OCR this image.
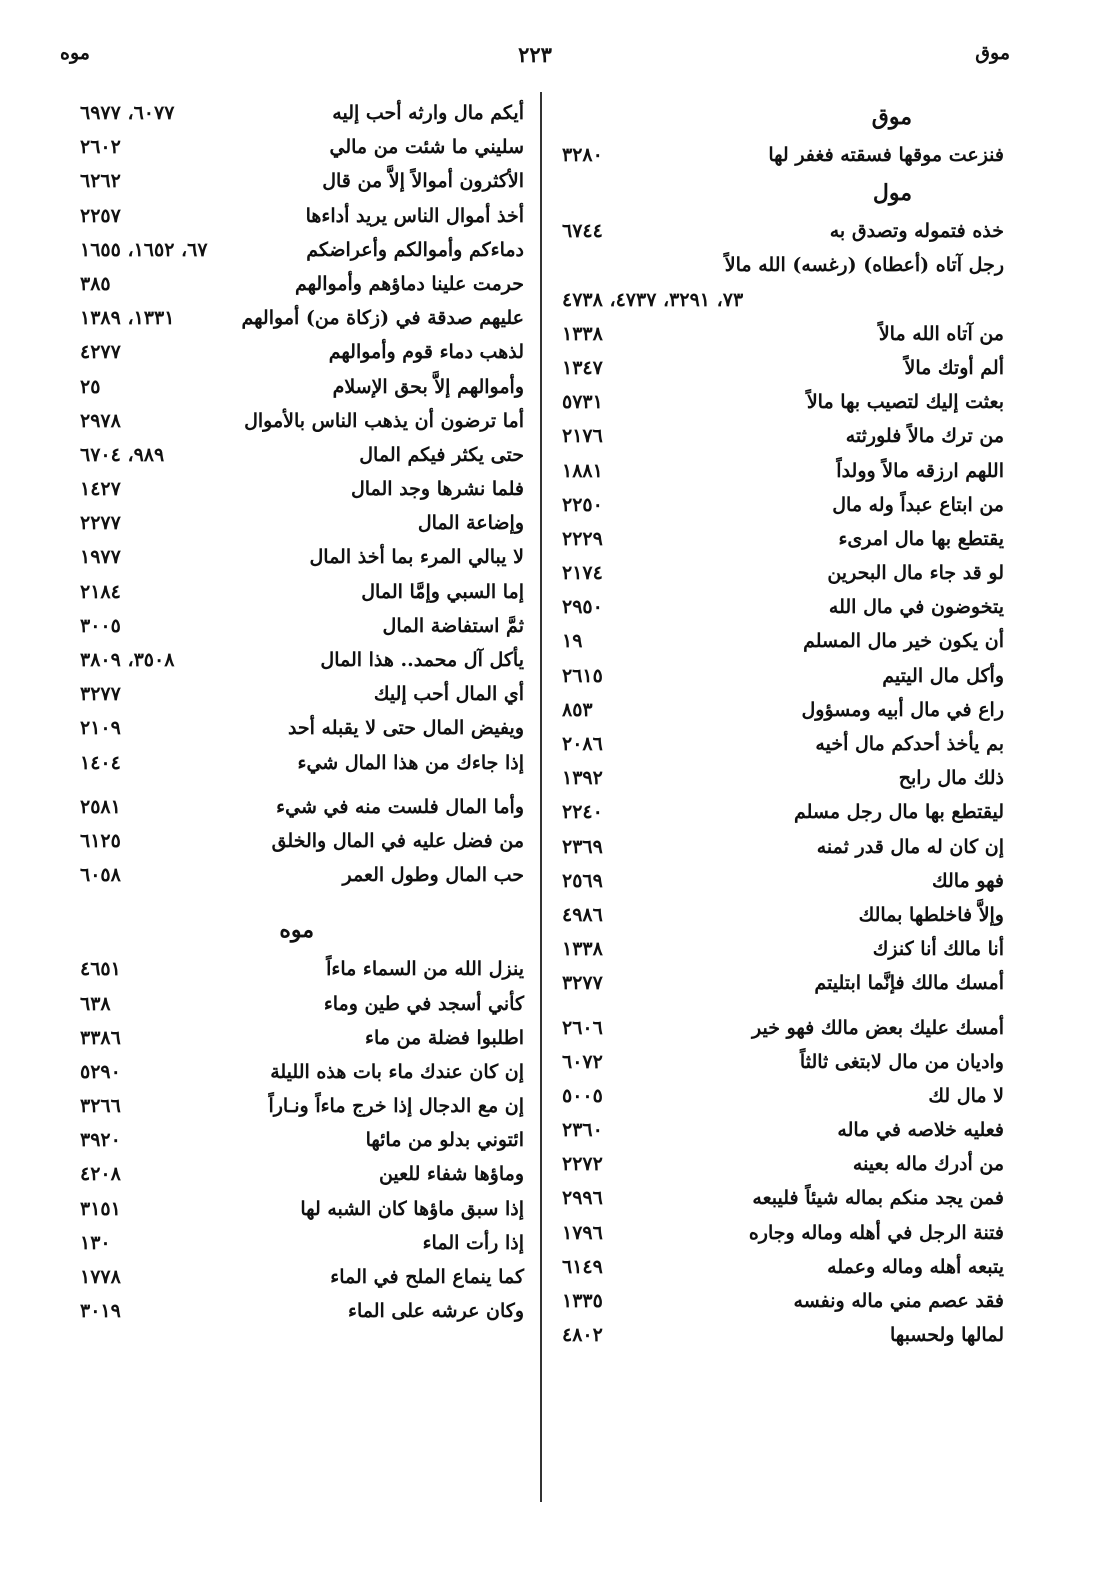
موق
٢٢٣
موه
موق
فنزعت موقها فسقته فغفر لها
٣٢٨٠
مول
خذه فتموله وتصدق به
٦٧٤٤
رجل آتاه (أعطاه) (رغسه) الله مالاً
٧٣، ٣٢٩١، ٤٧٣٧، ٤٧٣٨
من آتاه الله مالاً
١٣٣٨
ألم أوتك مالاً
١٣٤٧
بعثت إليك لتصيب بها مالاً
٥٧٣١
من ترك مالاً فلورثته
٢١٧٦
اللهم ارزقه مالاً وولداً
١٨٨١
من ابتاع عبداً وله مال
٢٢٥٠
يقتطع بها مال امرىء
٢٢٢٩
لو قد جاء مال البحرين
٢١٧٤
يتخوضون في مال الله
٢٩٥٠
أن يكون خير مال المسلم
١٩
وأكل مال اليتيم
٢٦١٥
راع في مال أبيه ومسؤول
٨٥٣
بم يأخذ أحدكم مال أخيه
٢٠٨٦
ذلك مال رابح
١٣٩٢
ليقتطع بها مال رجل مسلم
٢٢٤٠
إن كان له مال قدر ثمنه
٢٣٦٩
فهو مالك
٢٥٦٩
وإلاَّ فاخلطها بمالك
٤٩٨٦
أنا مالك أنا كنزك
١٣٣٨
أمسك مالك فإنَّما ابتليتم
٣٢٧٧
أمسك عليك بعض مالك فهو خير
٢٦٠٦
واديان من مال لابتغى ثالثاً
٦٠٧٢
لا مال لك
٥٠٠٥
فعليه خلاصه في ماله
٢٣٦٠
من أدرك ماله بعينه
٢٢٧٢
فمن يجد منكم بماله شيئاً فليبعه
٢٩٩٦
فتنة الرجل في أهله وماله وجاره
١٧٩٦
يتبعه أهله وماله وعمله
٦١٤٩
فقد عصم مني ماله ونفسه
١٣٣٥
لمالها ولحسبها
٤٨٠٢
أيكم مال وارثه أحب إليه
٦٠٧٧، ٦٩٧٧
سليني ما شئت من مالي
٢٦٠٢
الأكثرون أموالاً إلاَّ من قال
٦٢٦٢
أخذ أموال الناس يريد أداءها
٢٢٥٧
دماءكم وأموالكم وأعراضكم
٦٧، ١٦٥٢، ١٦٥٥
حرمت علينا دماؤهم وأموالهم
٣٨٥
عليهم صدقة في (زكاة من) أموالهم
١٣٣١، ١٣٨٩
لذهب دماء قوم وأموالهم
٤٢٧٧
وأموالهم إلاَّ بحق الإسلام
٢٥
أما ترضون أن يذهب الناس بالأموال
٢٩٧٨
حتى يكثر فيكم المال
٩٨٩، ٦٧٠٤
فلما نشرها وجد المال
١٤٢٧
وإضاعة المال
٢٢٧٧
لا يبالي المرء بما أخذ المال
١٩٧٧
إما السبي وإمَّا المال
٢١٨٤
ثمَّ استفاضة المال
٣٠٠٥
يأكل آل محمد.. هذا المال
٣٥٠٨، ٣٨٠٩
أي المال أحب إليك
٣٢٧٧
ويفيض المال حتى لا يقبله أحد
٢١٠٩
إذا جاءك من هذا المال شيء
١٤٠٤
وأما المال فلست منه في شيء
٢٥٨١
من فضل عليه في المال والخلق
٦١٢٥
حب المال وطول العمر
٦٠٥٨
موه
ينزل الله من السماء ماءاً
٤٦٥١
كأني أسجد في طين وماء
٦٣٨
اطلبوا فضلة من ماء
٣٣٨٦
إن كان عندك ماء بات هذه الليلة
٥٢٩٠
إن مع الدجال إذا خرج ماءاً ونـاراً
٣٢٦٦
ائتوني بدلو من مائها
٣٩٢٠
وماؤها شفاء للعين
٤٢٠٨
إذا سبق ماؤها كان الشبه لها
٣١٥١
إذا رأت الماء
١٣٠
كما ينماع الملح في الماء
١٧٧٨
وكان عرشه على الماء
٣٠١٩
